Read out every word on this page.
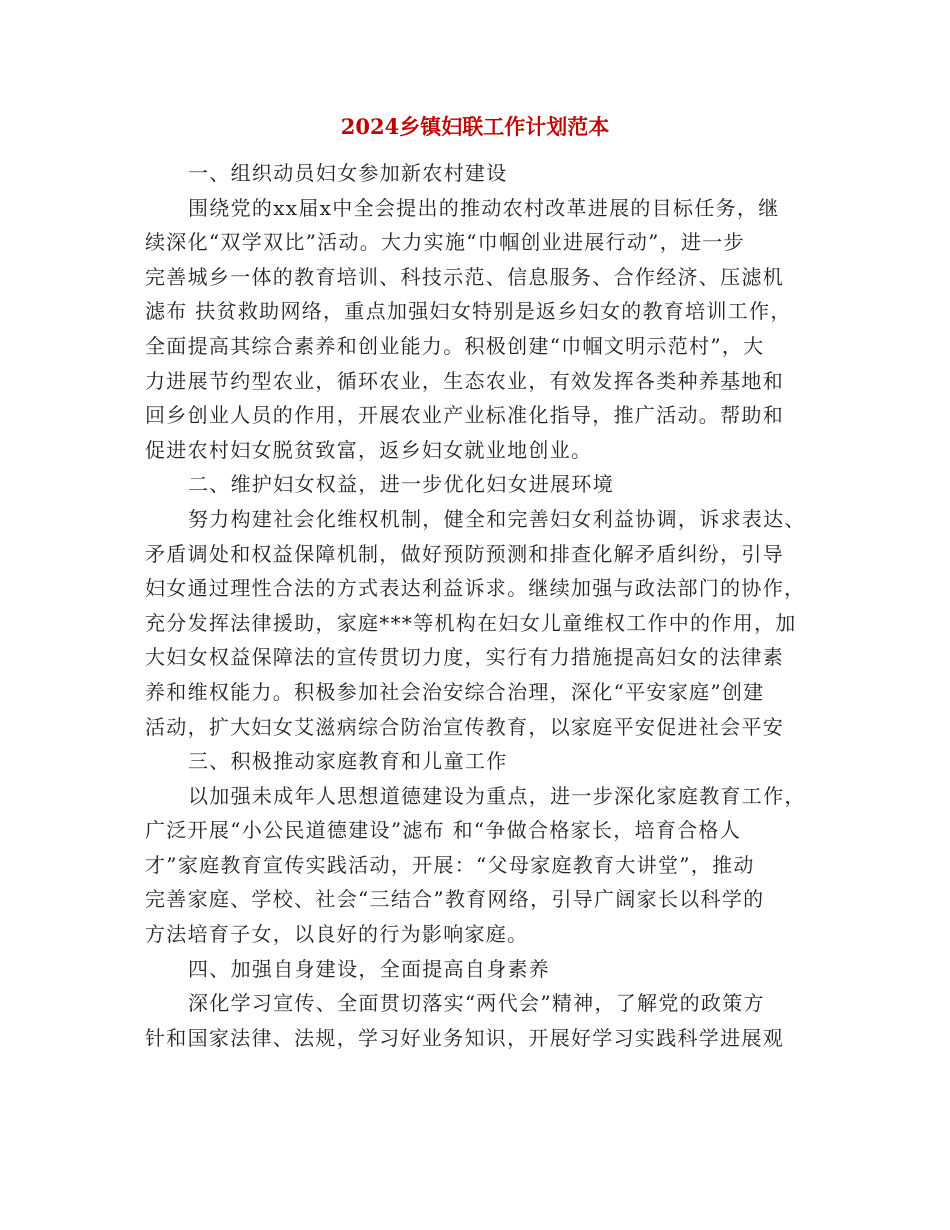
2024乡镇妇联工作计划范本
一、组织动员妇女参加新农村建设
围绕党的xx届x中全会提出的推动农村改革进展的目标任务，继
续深化“双学双比”活动。大力实施“巾帼创业进展行动”，进一步
完善城乡一体的教育培训、科技示范、信息服务、合作经济、压滤机
滤布 扶贫救助网络，重点加强妇女特别是返乡妇女的教育培训工作，
全面提高其综合素养和创业能力。积极创建“巾帼文明示范村”，大
力进展节约型农业，循环农业，生态农业，有效发挥各类种养基地和
回乡创业人员的作用，开展农业产业标准化指导，推广活动。帮助和
促进农村妇女脱贫致富，返乡妇女就业地创业。
二、维护妇女权益，进一步优化妇女进展环境
努力构建社会化维权机制，健全和完善妇女利益协调，诉求表达、
矛盾调处和权益保障机制，做好预防预测和排查化解矛盾纠纷，引导
妇女通过理性合法的方式表达利益诉求。继续加强与政法部门的协作，
充分发挥法律援助，家庭***等机构在妇女儿童维权工作中的作用，加
大妇女权益保障法的宣传贯切力度，实行有力措施提高妇女的法律素
养和维权能力。积极参加社会治安综合治理，深化“平安家庭”创建
活动，扩大妇女艾滋病综合防治宣传教育，以家庭平安促进社会平安
三、积极推动家庭教育和儿童工作
以加强未成年人思想道德建设为重点，进一步深化家庭教育工作，
广泛开展“小公民道德建设”滤布 和“争做合格家长，培育合格人
才”家庭教育宣传实践活动，开展：“父母家庭教育大讲堂”，推动
完善家庭、学校、社会“三结合”教育网络，引导广阔家长以科学的
方法培育子女，以良好的行为影响家庭。
四、加强自身建设，全面提高自身素养
深化学习宣传、全面贯切落实“两代会”精神，了解党的政策方
针和国家法律、法规，学习好业务知识，开展好学习实践科学进展观
